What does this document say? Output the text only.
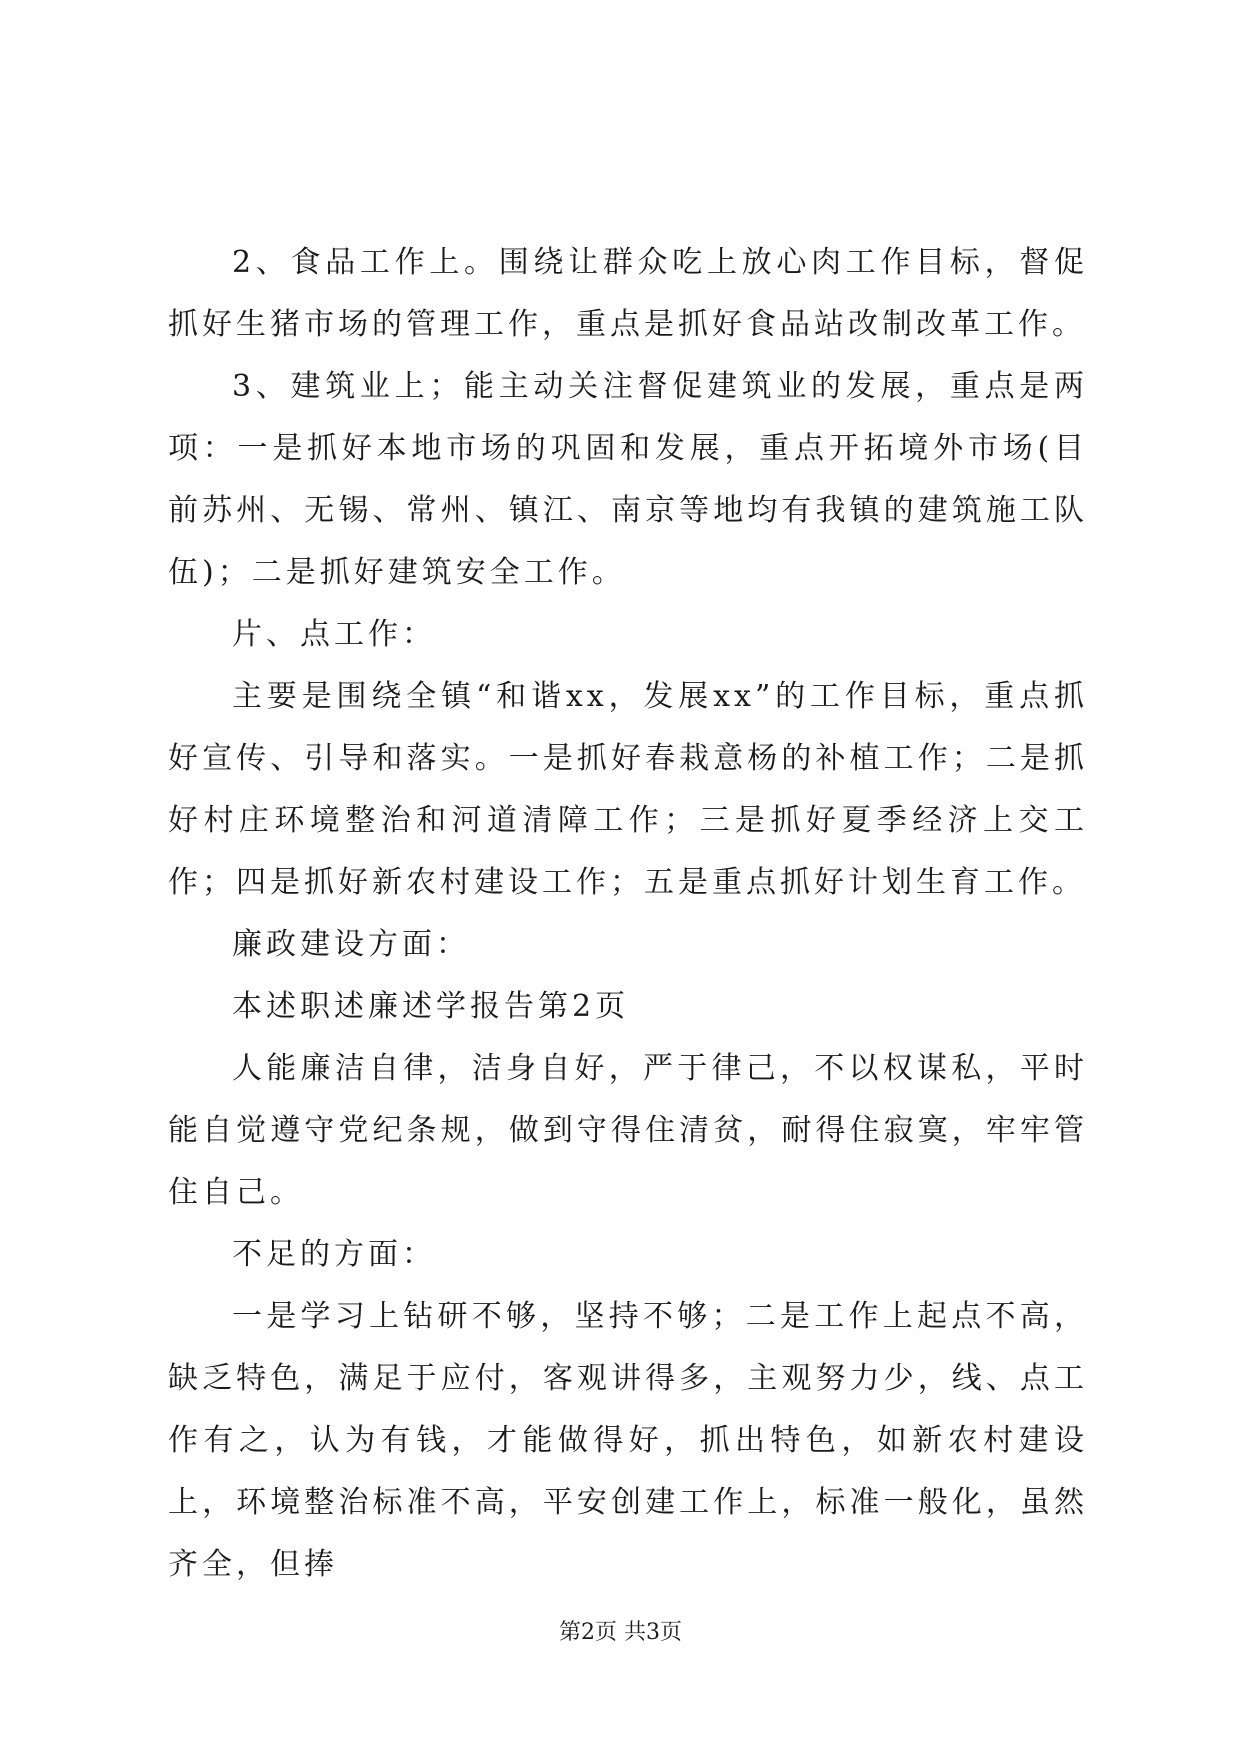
2、食品工作上。围绕让群众吃上放心肉工作目标，督促抓好生猪市场的管理工作，重点是抓好食品站改制改革工作。

3、建筑业上；能主动关注督促建筑业的发展，重点是两项：一是抓好本地市场的巩固和发展，重点开拓境外市场(目前苏州、无锡、常州、镇江、南京等地均有我镇的建筑施工队伍)；二是抓好建筑安全工作。

片、点工作：

主要是围绕全镇“和谐xx，发展xx”的工作目标，重点抓好宣传、引导和落实。一是抓好春栽意杨的补植工作；二是抓好村庄环境整治和河道清障工作；三是抓好夏季经济上交工作；四是抓好新农村建设工作；五是重点抓好计划生育工作。

廉政建设方面：

本述职述廉述学报告第2页

人能廉洁自律，洁身自好，严于律己，不以权谋私，平时能自觉遵守党纪条规，做到守得住清贫，耐得住寂寞，牢牢管住自己。

不足的方面：

一是学习上钻研不够，坚持不够；二是工作上起点不高，缺乏特色，满足于应付，客观讲得多，主观努力少，线、点工作有之，认为有钱，才能做得好，抓出特色，如新农村建设上，环境整治标准不高，平安创建工作上，标准一般化，虽然齐全，但捧

第2页 共3页
